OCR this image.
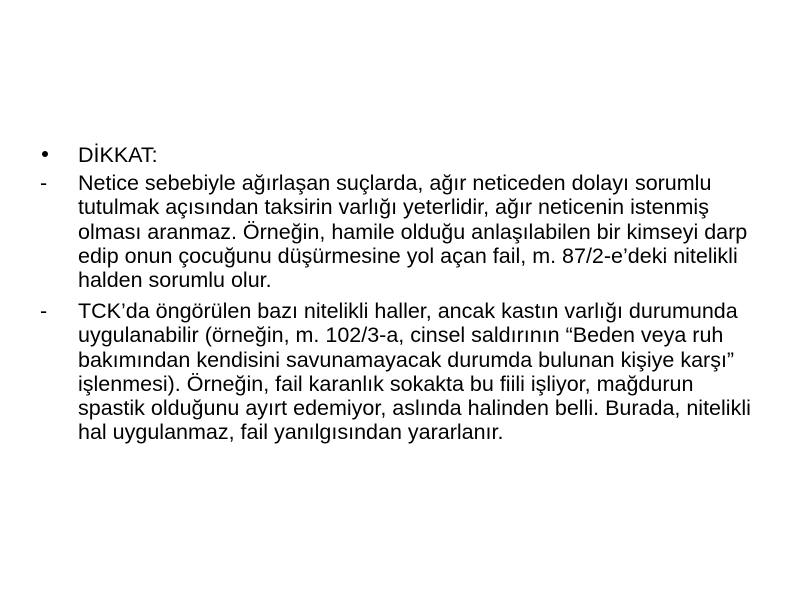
DİKKAT:
-	Netice sebebiyle ağırlaşan suçlarda, ağır neticeden dolayı sorumlu tutulmak açısından taksirin varlığı yeterlidir, ağır neticenin istenmiş olması aranmaz. Örneğin, hamile olduğu anlaşılabilen bir kimseyi darp edip onun çocuğunu düşürmesine yol açan fail, m. 87/2-e’deki nitelikli halden sorumlu olur.
-	TCK’da öngörülen bazı nitelikli haller, ancak kastın varlığı durumunda uygulanabilir (örneğin, m. 102/3-a, cinsel saldırının “Beden veya ruh bakımından kendisini savunamayacak durumda bulunan kişiye karşı” işlenmesi). Örneğin, fail karanlık sokakta bu fiili işliyor, mağdurun spastik olduğunu ayırt edemiyor, aslında halinden belli. Burada, nitelikli hal uygulanmaz, fail yanılgısından yararlanır.
